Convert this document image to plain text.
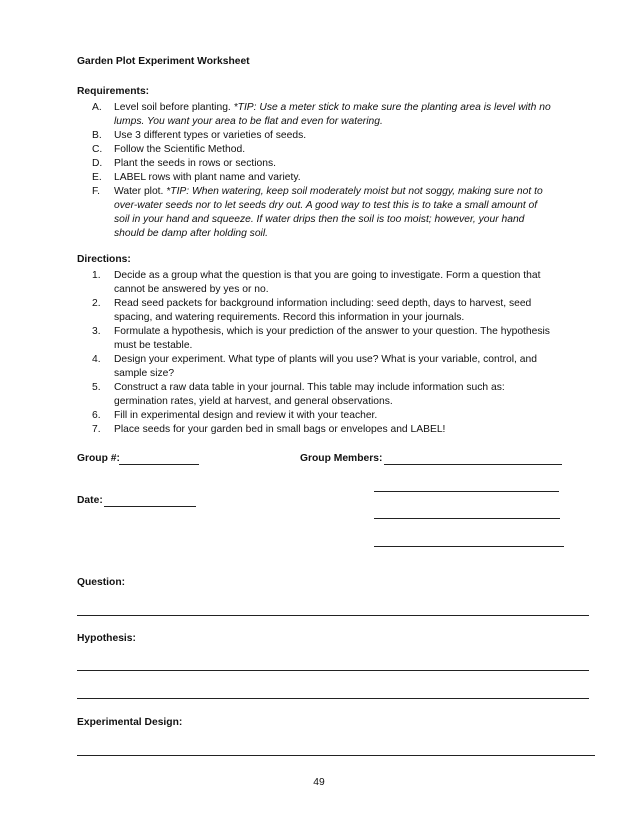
Garden Plot Experiment Worksheet
Requirements:
A. Level soil before planting. *TIP: Use a meter stick to make sure the planting area is level with no
lumps. You want your area to be flat and even for watering.
B. Use 3 different types or varieties of seeds.
C. Follow the Scientific Method.
D. Plant the seeds in rows or sections.
E. LABEL rows with plant name and variety.
F. Water plot. *TIP: When watering, keep soil moderately moist but not soggy, making sure not to
over-water seeds nor to let seeds dry out. A good way to test this is to take a small amount of
soil in your hand and squeeze. If water drips then the soil is too moist; however, your hand
should be damp after holding soil.
Directions:
1. Decide as a group what the question is that you are going to investigate. Form a question that
cannot be answered by yes or no.
2. Read seed packets for background information including: seed depth, days to harvest, seed
spacing, and watering requirements. Record this information in your journals.
3. Formulate a hypothesis, which is your prediction of the answer to your question. The hypothesis
must be testable.
4. Design your experiment. What type of plants will you use? What is your variable, control, and
sample size?
5. Construct a raw data table in your journal. This table may include information such as:
germination rates, yield at harvest, and general observations.
6. Fill in experimental design and review it with your teacher.
7. Place seeds for your garden bed in small bags or envelopes and LABEL!
Group #:	Group Members:
Date:
Question:
Hypothesis:
Experimental Design:
49
